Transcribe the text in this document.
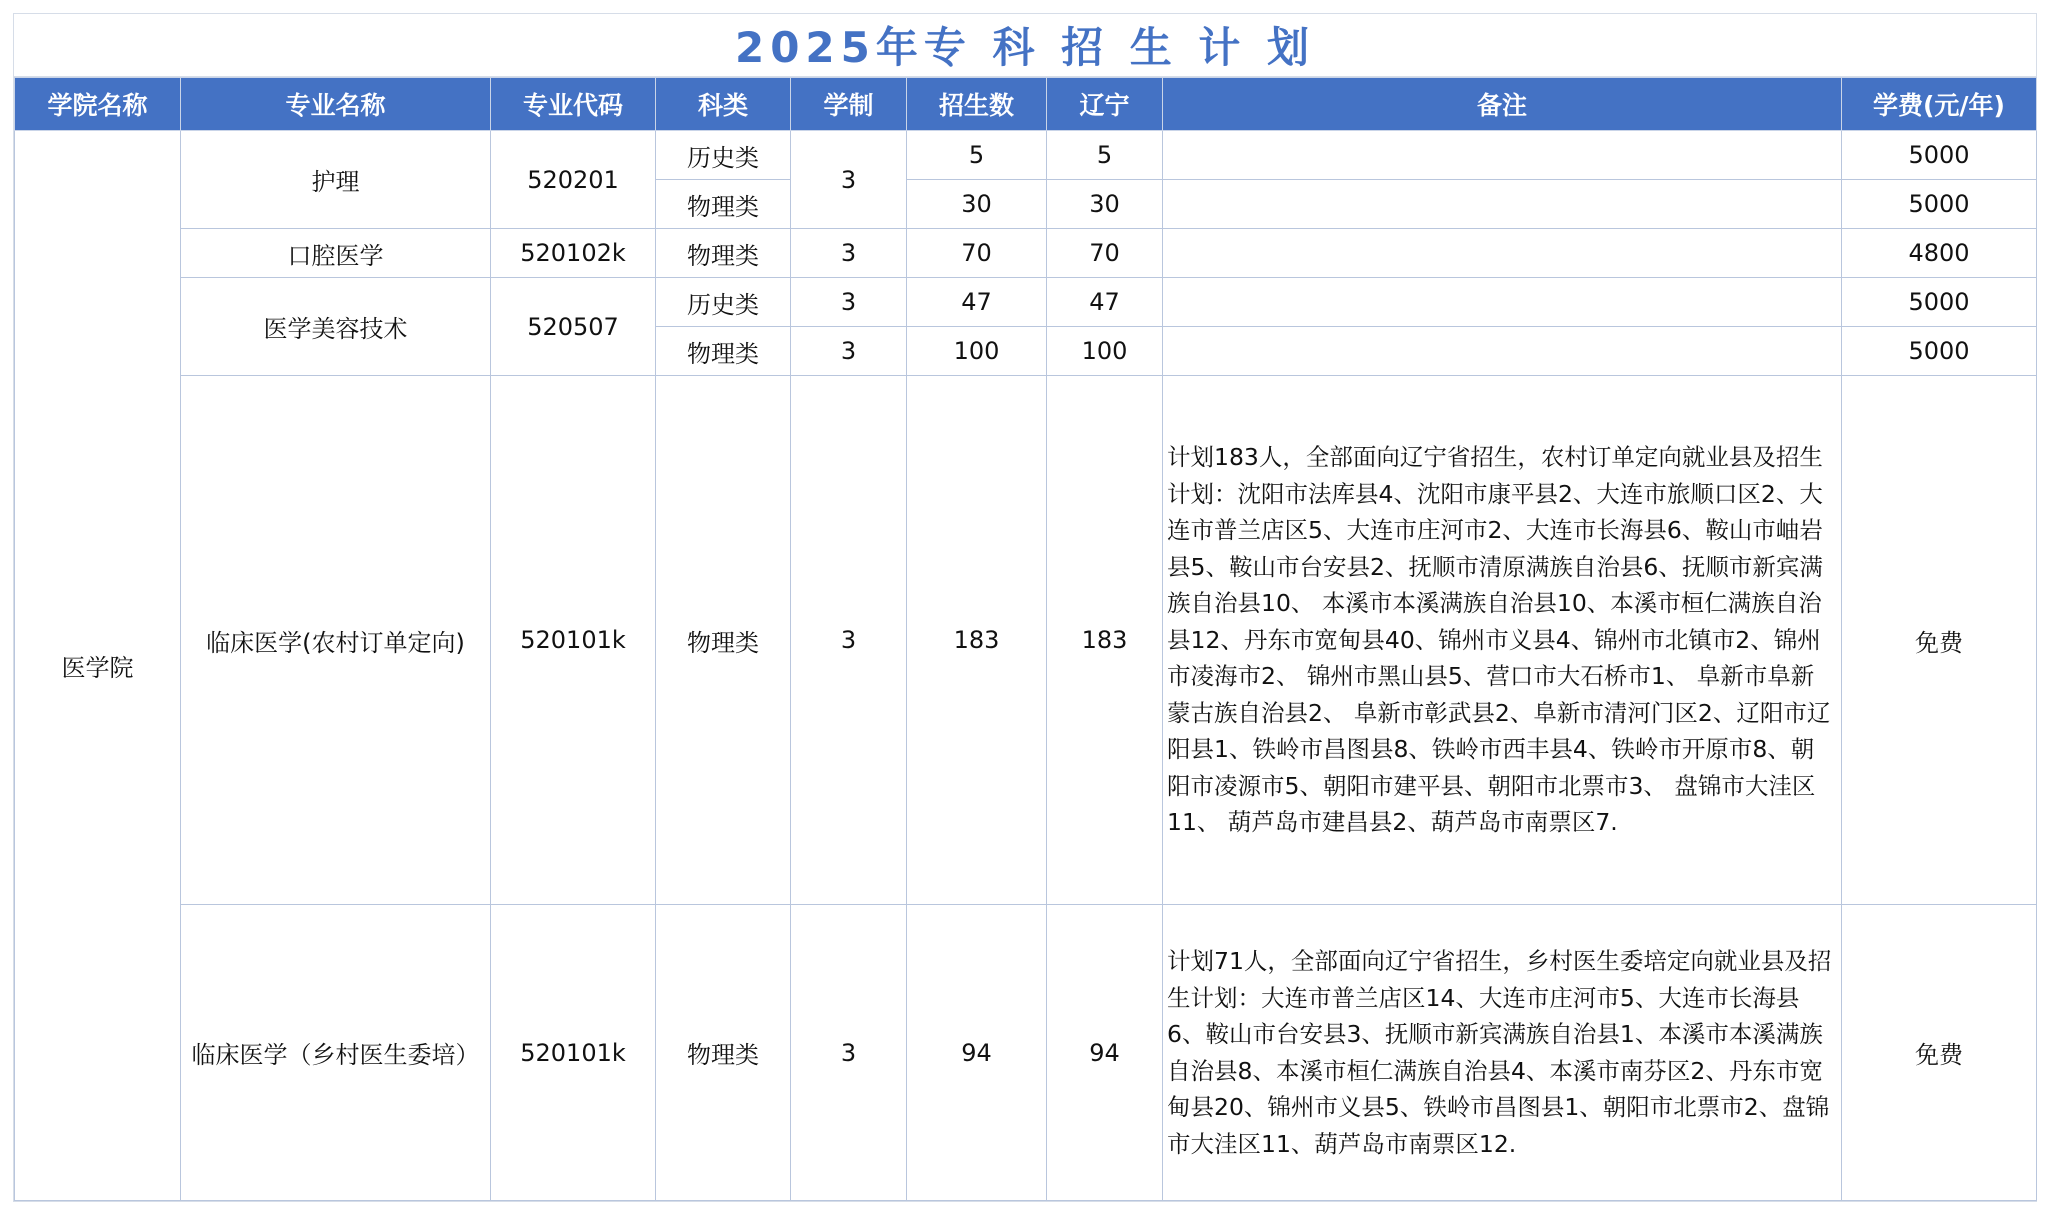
2025年专 科 招 生 计 划
学院名称	专业名称	专业代码	科类	学制	招生数	辽宁	备注	学费(元/年)
医学院	护理	520201	历史类	3	5	5		5000
			物理类		30	30		5000
	口腔医学	520102k	物理类	3	70	70		4800
	医学美容技术	520507	历史类	3	47	47		5000
			物理类	3	100	100		5000
	临床医学(农村订单定向)	520101k	物理类	3	183	183	计划183人，全部面向辽宁省招生，农村订单定向就业县及招生计划：沈阳市法库县4、沈阳市康平县2、大连市旅顺口区2、大连市普兰店区5、大连市庄河市2、大连市长海县6、鞍山市岫岩县5、鞍山市台安县2、抚顺市清原满族自治县6、抚顺市新宾满族自治县10、 本溪市本溪满族自治县10、本溪市桓仁满族自治县12、丹东市宽甸县40、锦州市义县4、锦州市北镇市2、锦州市凌海市2、 锦州市黑山县5、营口市大石桥市1、 阜新市阜新蒙古族自治县2、 阜新市彰武县2、阜新市清河门区2、辽阳市辽阳县1、铁岭市昌图县8、铁岭市西丰县4、铁岭市开原市8、朝阳市凌源市5、朝阳市建平县、朝阳市北票市3、 盘锦市大洼区11、 葫芦岛市建昌县2、葫芦岛市南票区7.	免费
	临床医学（乡村医生委培）	520101k	物理类	3	94	94	计划71人，全部面向辽宁省招生，乡村医生委培定向就业县及招生计划：大连市普兰店区14、大连市庄河市5、大连市长海县6、鞍山市台安县3、抚顺市新宾满族自治县1、本溪市本溪满族自治县8、本溪市桓仁满族自治县4、本溪市南芬区2、丹东市宽甸县20、锦州市义县5、铁岭市昌图县1、朝阳市北票市2、盘锦市大洼区11、葫芦岛市南票区12.	免费
